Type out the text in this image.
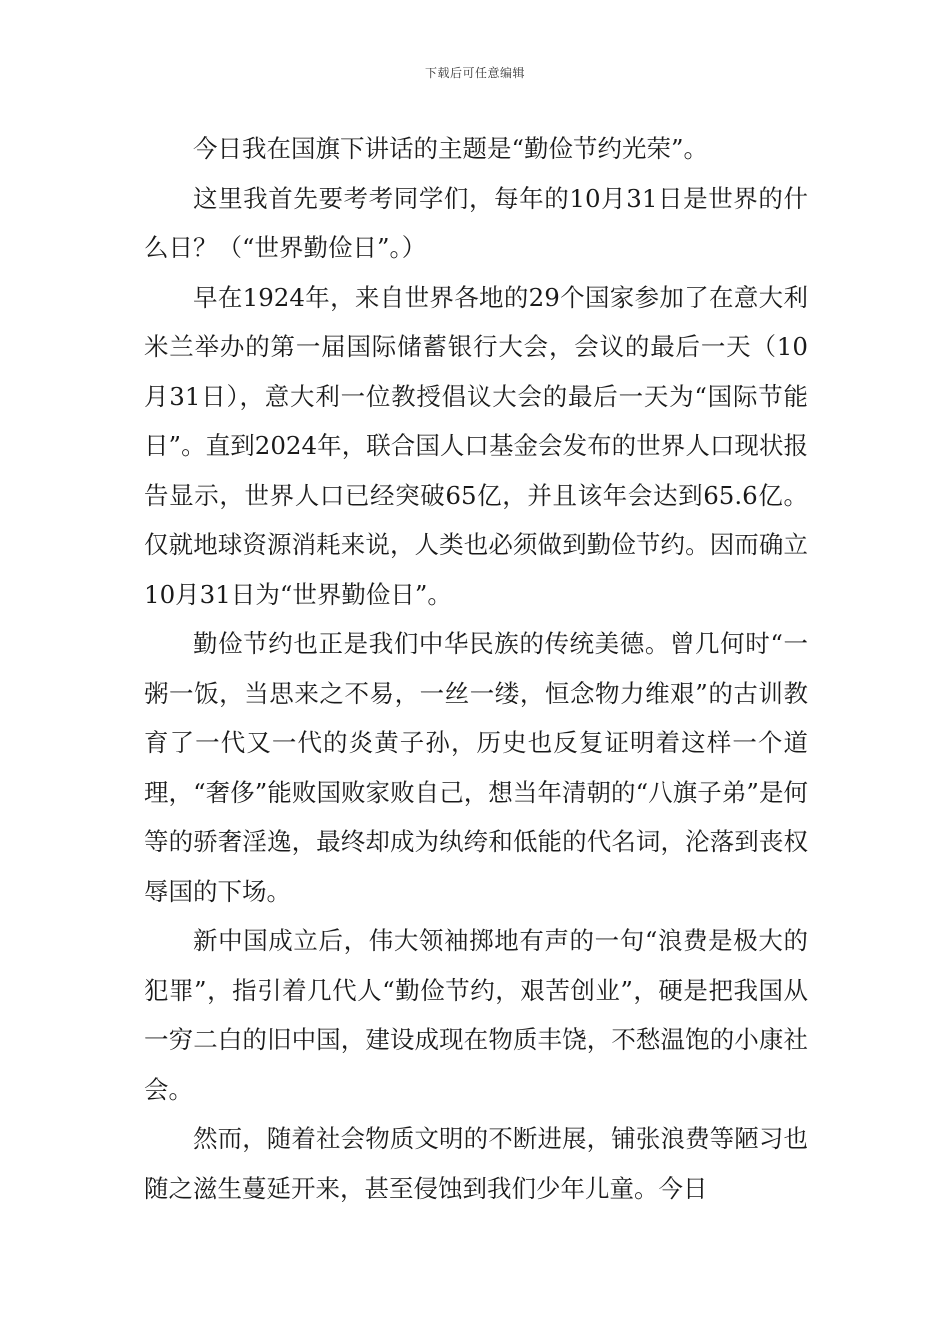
下载后可任意编辑

今日我在国旗下讲话的主题是“勤俭节约光荣”。

这里我首先要考考同学们，每年的10月31日是世界的什么日？（“世界勤俭日”。）

早在1924年，来自世界各地的29个国家参加了在意大利米兰举办的第一届国际储蓄银行大会，会议的最后一天（10月31日），意大利一位教授倡议大会的最后一天为“国际节能日”。直到2024年，联合国人口基金会发布的世界人口现状报告显示，世界人口已经突破65亿，并且该年会达到65.6亿。仅就地球资源消耗来说，人类也必须做到勤俭节约。因而确立10月31日为“世界勤俭日”。

勤俭节约也正是我们中华民族的传统美德。曾几何时“一粥一饭，当思来之不易，一丝一缕，恒念物力维艰”的古训教育了一代又一代的炎黄子孙，历史也反复证明着这样一个道理，“奢侈”能败国败家败自己，想当年清朝的“八旗子弟”是何等的骄奢淫逸，最终却成为纨绔和低能的代名词，沦落到丧权辱国的下场。

新中国成立后，伟大领袖掷地有声的一句“浪费是极大的犯罪”，指引着几代人“勤俭节约，艰苦创业”，硬是把我国从一穷二白的旧中国，建设成现在物质丰饶，不愁温饱的小康社会。

然而，随着社会物质文明的不断进展，铺张浪费等陋习也随之滋生蔓延开来，甚至侵蚀到我们少年儿童。今日
